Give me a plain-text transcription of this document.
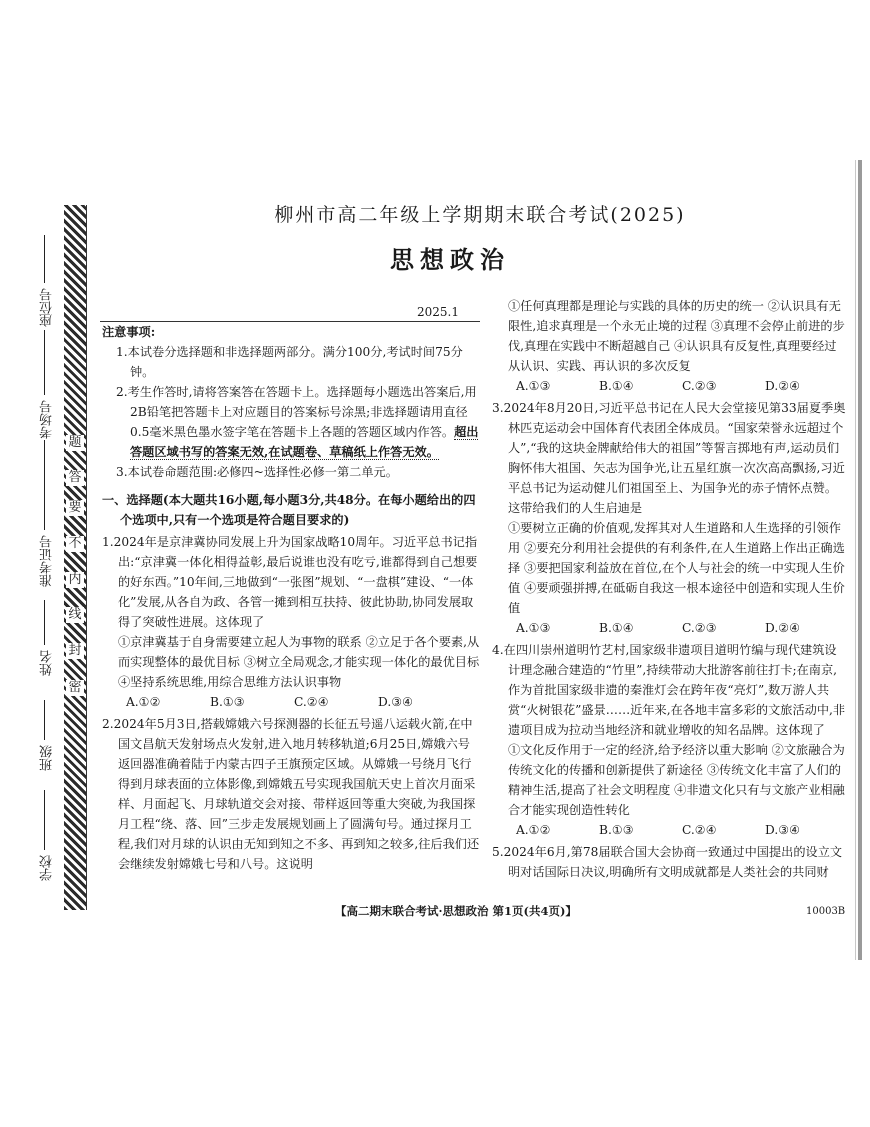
题
答
要
不
内
线
封
密
座位号
考场号
准考证号
姓名
班级
学校
柳州市高二年级上学期期末联合考试(2025)
思想政治
2025.1
注意事项:
1.本试卷分选择题和非选择题两部分。满分100分,考试时间75分钟。
2.考生作答时,请将答案答在答题卡上。选择题每小题选出答案后,用2B铅笔把答题卡上对应题目的答案标号涂黑;非选择题请用直径0.5毫米黑色墨水签字笔在答题卡上各题的答题区域内作答。超出答题区域书写的答案无效,在试题卷、草稿纸上作答无效。
3.本试卷命题范围:必修四~选择性必修一第二单元。
一、选择题(本大题共16小题,每小题3分,共48分。在每小题给出的四个选项中,只有一个选项是符合题目要求的)
1.2024年是京津冀协同发展上升为国家战略10周年。习近平总书记指出:“京津冀一体化相得益彰,最后说谁也没有吃亏,谁都得到自己想要的好东西。”10年间,三地做到“一张图”规划、“一盘棋”建设、“一体化”发展,从各自为政、各管一摊到相互扶持、彼此协助,协同发展取得了突破性进展。这体现了
①京津冀基于自身需要建立起人为事物的联系 ②立足于各个要素,从而实现整体的最优目标 ③树立全局观念,才能实现一体化的最优目标 ④坚持系统思维,用综合思维方法认识事物
A.①②	B.①③	C.②④	D.③④
2.2024年5月3日,搭载嫦娥六号探测器的长征五号遥八运载火箭,在中国文昌航天发射场点火发射,进入地月转移轨道;6月25日,嫦娥六号返回器准确着陆于内蒙古四子王旗预定区域。从嫦娥一号绕月飞行得到月球表面的立体影像,到嫦娥五号实现我国航天史上首次月面采样、月面起飞、月球轨道交会对接、带样返回等重大突破,为我国探月工程“绕、落、回”三步走发展规划画上了圆满句号。通过探月工程,我们对月球的认识由无知到知之不多、再到知之较多,往后我们还会继续发射嫦娥七号和八号。这说明
①任何真理都是理论与实践的具体的历史的统一 ②认识具有无限性,追求真理是一个永无止境的过程 ③真理不会停止前进的步伐,真理在实践中不断超越自己 ④认识具有反复性,真理要经过从认识、实践、再认识的多次反复
A.①③	B.①④	C.②③	D.②④
3.2024年8月20日,习近平总书记在人民大会堂接见第33届夏季奥林匹克运动会中国体育代表团全体成员。“国家荣誉永远超过个人”,“我的这块金牌献给伟大的祖国”等誓言掷地有声,运动员们胸怀伟大祖国、矢志为国争光,让五星红旗一次次高高飘扬,习近平总书记为运动健儿们祖国至上、为国争光的赤子情怀点赞。这带给我们的人生启迪是
①要树立正确的价值观,发挥其对人生道路和人生选择的引领作用 ②要充分利用社会提供的有利条件,在人生道路上作出正确选择 ③要把国家利益放在首位,在个人与社会的统一中实现人生价值 ④要顽强拼搏,在砥砺自我这一根本途径中创造和实现人生价值
A.①③	B.①④	C.②③	D.②④
4.在四川崇州道明竹艺村,国家级非遗项目道明竹编与现代建筑设计理念融合建造的“竹里”,持续带动大批游客前往打卡;在南京,作为首批国家级非遗的秦淮灯会在跨年夜“亮灯”,数万游人共赏“火树银花”盛景……近年来,在各地丰富多彩的文旅活动中,非遗项目成为拉动当地经济和就业增收的知名品牌。这体现了
①文化反作用于一定的经济,给予经济以重大影响 ②文旅融合为传统文化的传播和创新提供了新途径 ③传统文化丰富了人们的精神生活,提高了社会文明程度 ④非遗文化只有与文旅产业相融合才能实现创造性转化
A.①②	B.①③	C.②④	D.③④
5.2024年6月,第78届联合国大会协商一致通过中国提出的设立文明对话国际日决议,明确所有文明成就都是人类社会的共同财
【高二期末联合考试·思想政治 第1页(共4页)】	10003B
